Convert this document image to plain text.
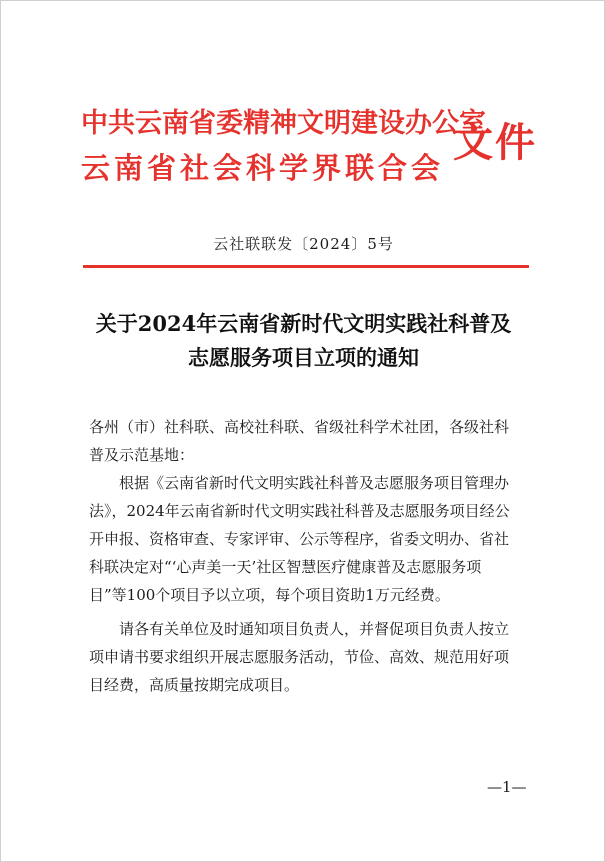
中共云南省委精神文明建设办公室
云南省社会科学界联合会
文件
云社联联发〔2024〕5号
关于2024年云南省新时代文明实践社科普及
志愿服务项目立项的通知

各州（市）社科联、高校社科联、省级社科学术社团，各级社科
普及示范基地：

根据《云南省新时代文明实践社科普及志愿服务项目管理办
法》，2024年云南省新时代文明实践社科普及志愿服务项目经公
开申报、资格审查、专家评审、公示等程序，省委文明办、省社
科联决定对“‘心声美一天’社区智慧医疗健康普及志愿服务项
目”等100个项目予以立项，每个项目资助1万元经费。

请各有关单位及时通知项目负责人，并督促项目负责人按立
项申请书要求组织开展志愿服务活动，节俭、高效、规范用好项
目经费，高质量按期完成项目。

—1—
